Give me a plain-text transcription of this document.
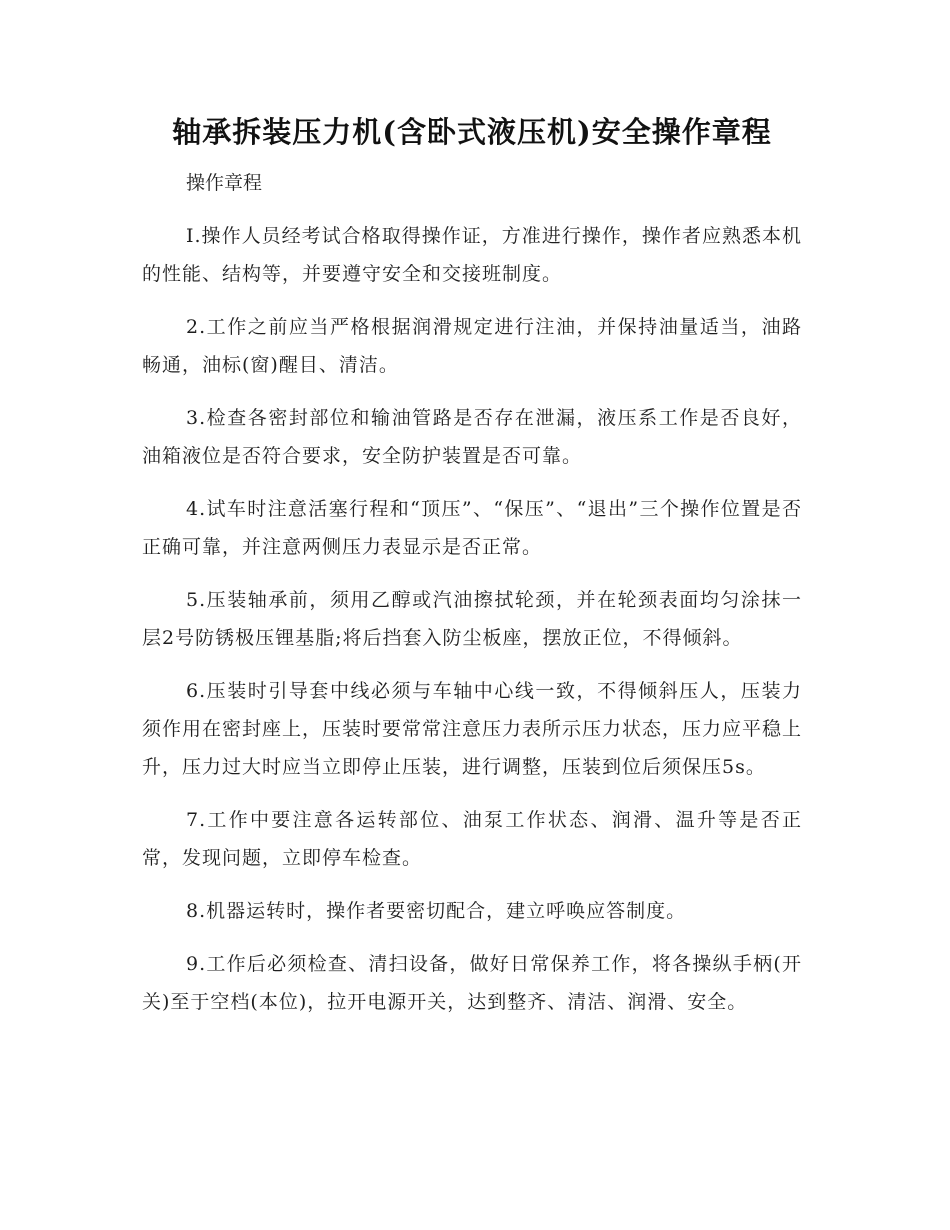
轴承拆装压力机(含卧式液压机)安全操作章程

操作章程

I.操作人员经考试合格取得操作证，方准进行操作，操作者应熟悉本机的性能、结构等，并要遵守安全和交接班制度。
2.工作之前应当严格根据润滑规定进行注油，并保持油量适当，油路畅通，油标(窗)醒目、清洁。
3.检查各密封部位和输油管路是否存在泄漏，液压系工作是否良好，油箱液位是否符合要求，安全防护装置是否可靠。
4.试车时注意活塞行程和“顶压”、“保压”、“退出”三个操作位置是否正确可靠，并注意两侧压力表显示是否正常。
5.压装轴承前，须用乙醇或汽油擦拭轮颈，并在轮颈表面均匀涂抹一层2号防锈极压锂基脂;将后挡套入防尘板座，摆放正位，不得倾斜。
6.压装时引导套中线必须与车轴中心线一致，不得倾斜压人，压装力须作用在密封座上，压装时要常常注意压力表所示压力状态，压力应平稳上升，压力过大时应当立即停止压装，进行调整，压装到位后须保压5s。
7.工作中要注意各运转部位、油泵工作状态、润滑、温升等是否正常，发现问题，立即停车检查。
8.机器运转时，操作者要密切配合，建立呼唤应答制度。
9.工作后必须检查、清扫设备，做好日常保养工作，将各操纵手柄(开关)至于空档(本位)，拉开电源开关，达到整齐、清洁、润滑、安全。
